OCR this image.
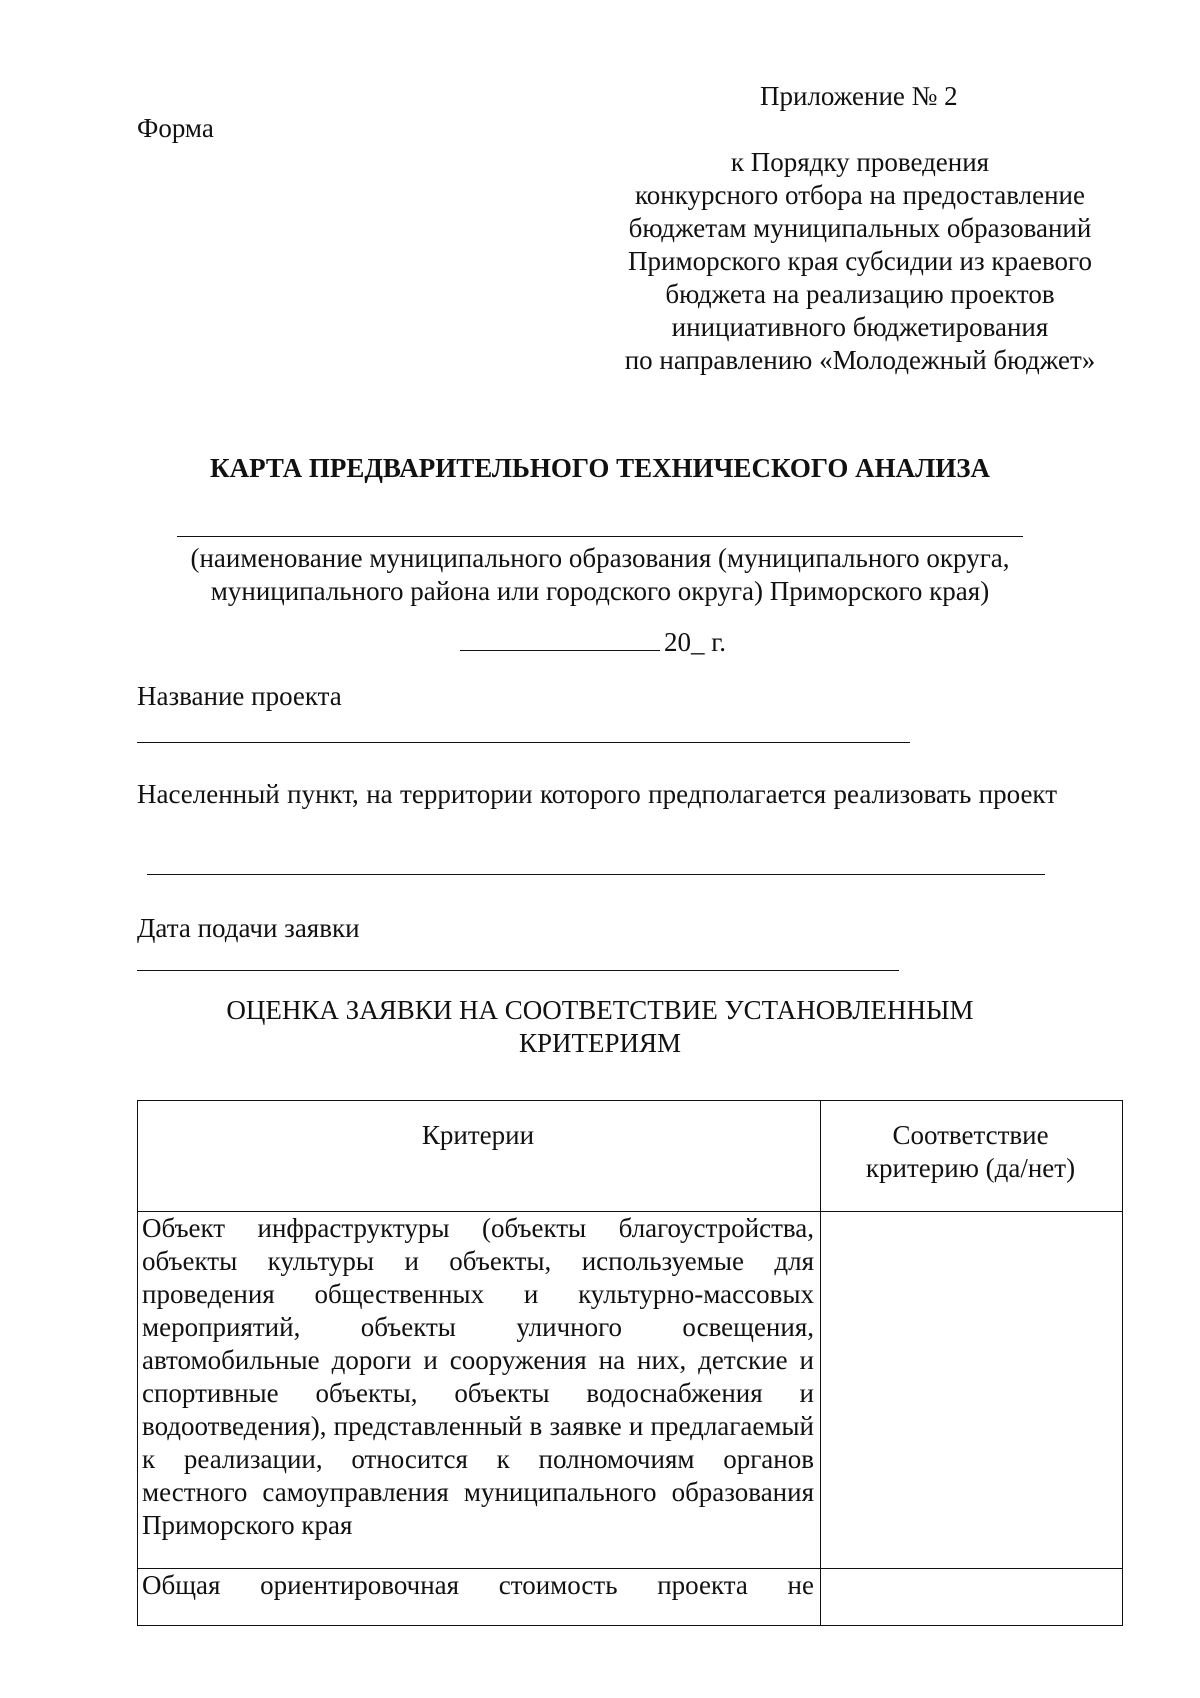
Форма
Приложение № 2
к Порядку проведения
конкурсного отбора на предоставление
бюджетам муниципальных образований
Приморского края субсидии из краевого
бюджета на реализацию проектов
инициативного бюджетирования
по направлению «Молодежный бюджет»
КАРТА ПРЕДВАРИТЕЛЬНОГО ТЕХНИЧЕСКОГО АНАЛИЗА
(наименование муниципального образования (муниципального округа,
муниципального района или городского округа) Приморского края)
20_ г.
Название проекта
Населенный пункт, на территории которого предполагается реализовать проект
Дата подачи заявки
ОЦЕНКА ЗАЯВКИ НА СООТВЕТСТВИЕ УСТАНОВЛЕННЫМ
КРИТЕРИЯМ
Критерии	Соответствие
критерию (да/нет)

Объект инфраструктуры (объекты благоустройства, объекты культуры и объекты, используемые для проведения общественных и культурно-массовых мероприятий, объекты уличного освещения, автомобильные дороги и сооружения на них, детские и спортивные объекты, объекты водоснабжения и водоотведения), представленный в заявке и предлагаемый к реализации, относится к полномочиям органов местного самоуправления муниципального образования Приморского края	
Общая ориентировочная стоимость проекта не	
